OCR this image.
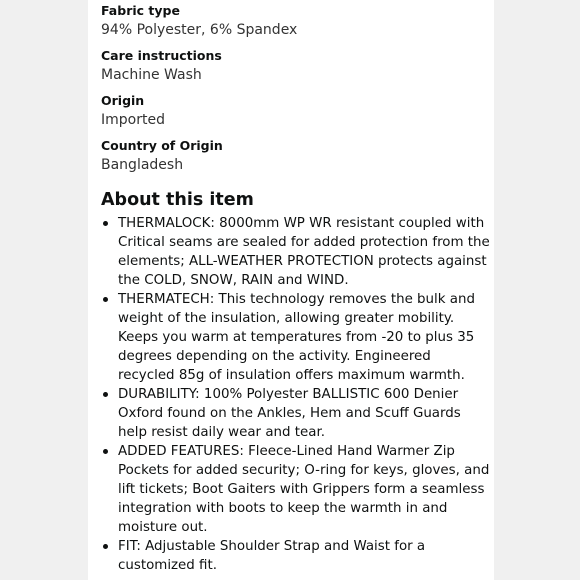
Fabric type
94% Polyester, 6% Spandex
Care instructions
Machine Wash
Origin
Imported
Country of Origin
Bangladesh
About this item
THERMALOCK: 8000mm WP WR resistant coupled with Critical seams are sealed for added protection from the elements; ALL-WEATHER PROTECTION protects against the COLD, SNOW, RAIN and WIND.
THERMATECH: This technology removes the bulk and weight of the insulation, allowing greater mobility. Keeps you warm at temperatures from -20 to plus 35 degrees depending on the activity. Engineered recycled 85g of insulation offers maximum warmth.
DURABILITY: 100% Polyester BALLISTIC 600 Denier Oxford found on the Ankles, Hem and Scuff Guards help resist daily wear and tear.
ADDED FEATURES: Fleece-Lined Hand Warmer Zip Pockets for added security; O-ring for keys, gloves, and lift tickets; Boot Gaiters with Grippers form a seamless integration with boots to keep the warmth in and moisture out.
FIT: Adjustable Shoulder Strap and Waist for a customized fit.
